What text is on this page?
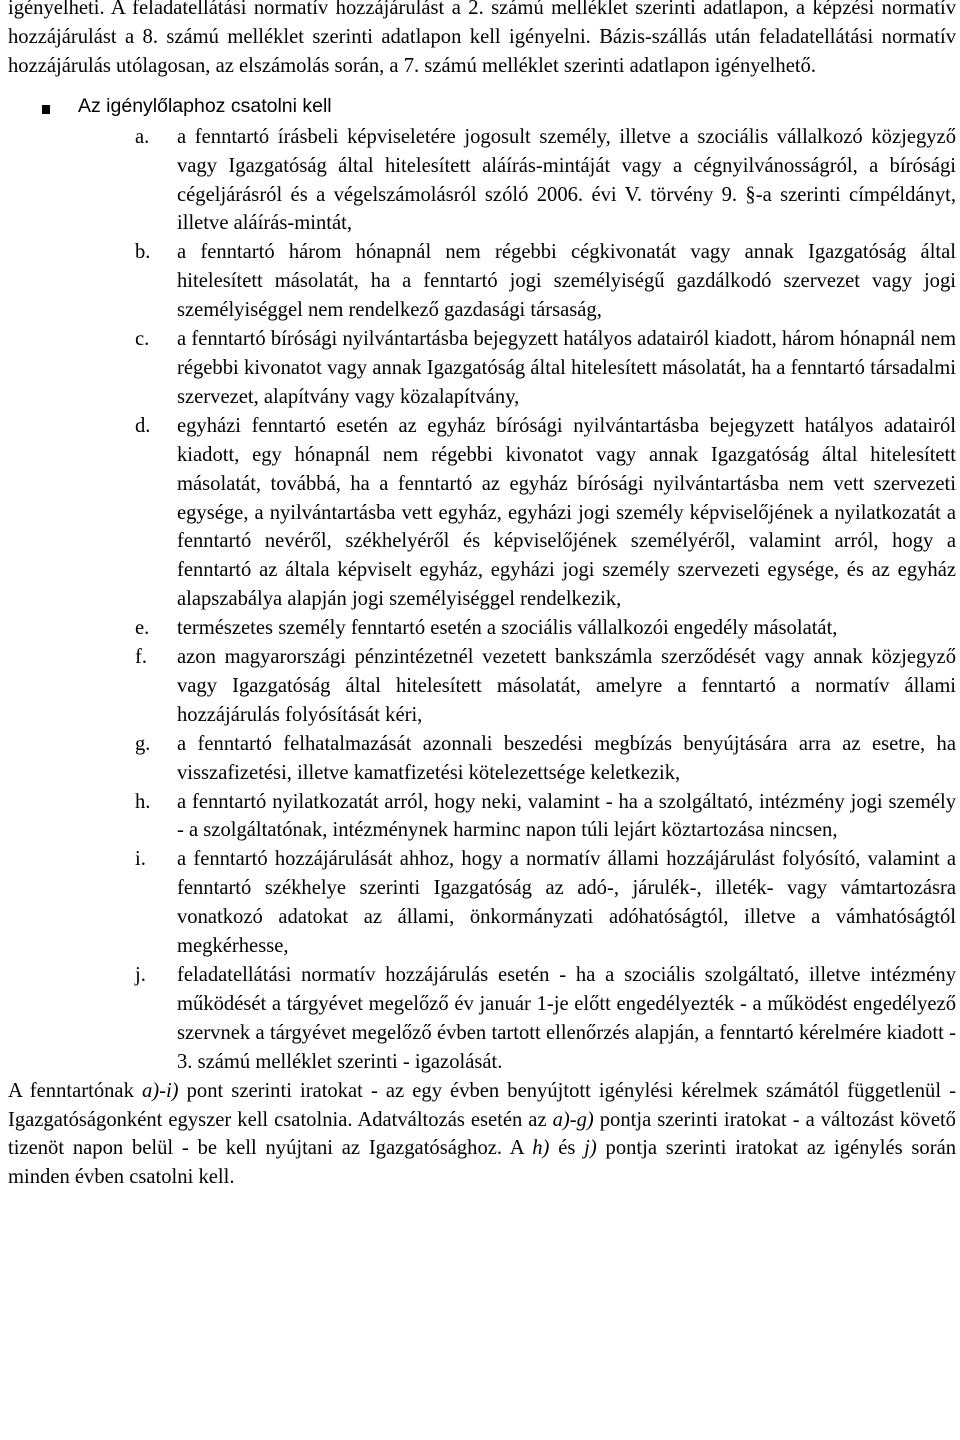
igényelheti. A feladatellátási normatív hozzájárulást a 2. számú melléklet szerinti adatlapon, a képzési normatív hozzájárulást a 8. számú melléklet szerinti adatlapon kell igényelni. Bázis-szállás után feladatellátási normatív hozzájárulás utólagosan, az elszámolás során, a 7. számú melléklet szerinti adatlapon igényelhető.

Az igénylőlaphoz csatolni kell
a. a fenntartó írásbeli képviseletére jogosult személy, illetve a szociális vállalkozó közjegyző vagy Igazgatóság által hitelesített aláírás-mintáját vagy a cégnyilvánosságról, a bírósági cégeljárásról és a végelszámolásról szóló 2006. évi V. törvény 9. §-a szerinti címpéldányt, illetve aláírás-mintát,

b. a fenntartó három hónapnál nem régebbi cégkivonatát vagy annak Igazgatóság által hitelesített másolatát, ha a fenntartó jogi személyiségű gazdálkodó szervezet vagy jogi személyiséggel nem rendelkező gazdasági társaság,

c. a fenntartó bírósági nyilvántartásba bejegyzett hatályos adatairól kiadott, három hónapnál nem régebbi kivonatot vagy annak Igazgatóság által hitelesített másolatát, ha a fenntartó társadalmi szervezet, alapítvány vagy közalapítvány,

d. egyházi fenntartó esetén az egyház bírósági nyilvántartásba bejegyzett hatályos adatairól kiadott, egy hónapnál nem régebbi kivonatot vagy annak Igazgatóság által hitelesített másolatát, továbbá, ha a fenntartó az egyház bírósági nyilvántartásba nem vett szervezeti egysége, a nyilvántartásba vett egyház, egyházi jogi személy képviselőjének a nyilatkozatát a fenntartó nevéről, székhelyéről és képviselőjének személyéről, valamint arról, hogy a fenntartó az általa képviselt egyház, egyházi jogi személy szervezeti egysége, és az egyház alapszabálya alapján jogi személyiséggel rendelkezik,

e. természetes személy fenntartó esetén a szociális vállalkozói engedély másolatát,

f. azon magyarországi pénzintézetnél vezetett bankszámla szerződését vagy annak közjegyző vagy Igazgatóság által hitelesített másolatát, amelyre a fenntartó a normatív állami hozzájárulás folyósítását kéri,

g. a fenntartó felhatalmazását azonnali beszedési megbízás benyújtására arra az esetre, ha visszafizetési, illetve kamatfizetési kötelezettsége keletkezik,

h. a fenntartó nyilatkozatát arról, hogy neki, valamint - ha a szolgáltató, intézmény jogi személy - a szolgáltatónak, intézménynek harminc napon túli lejárt köztartozása nincsen,

i. a fenntartó hozzájárulását ahhoz, hogy a normatív állami hozzájárulást folyósító, valamint a fenntartó székhelye szerinti Igazgatóság az adó-, járulék-, illeték- vagy vámtartozásra vonatkozó adatokat az állami, önkormányzati adóhatóságtól, illetve a vámhatóságtól megkérhesse,

j. feladatellátási normatív hozzájárulás esetén - ha a szociális szolgáltató, illetve intézmény működését a tárgyévet megelőző év január 1-je előtt engedélyezték - a működést engedélyező szervnek a tárgyévet megelőző évben tartott ellenőrzés alapján, a fenntartó kérelmére kiadott - 3. számú melléklet szerinti - igazolását.

A fenntartónak a)-i) pont szerinti iratokat - az egy évben benyújtott igénylési kérelmek számától függetlenül - Igazgatóságonként egyszer kell csatolnia. Adatváltozás esetén az a)-g) pontja szerinti iratokat - a változást követő tizenöt napon belül - be kell nyújtani az Igazgatósághoz. A h) és j) pontja szerinti iratokat az igénylés során minden évben csatolni kell.
